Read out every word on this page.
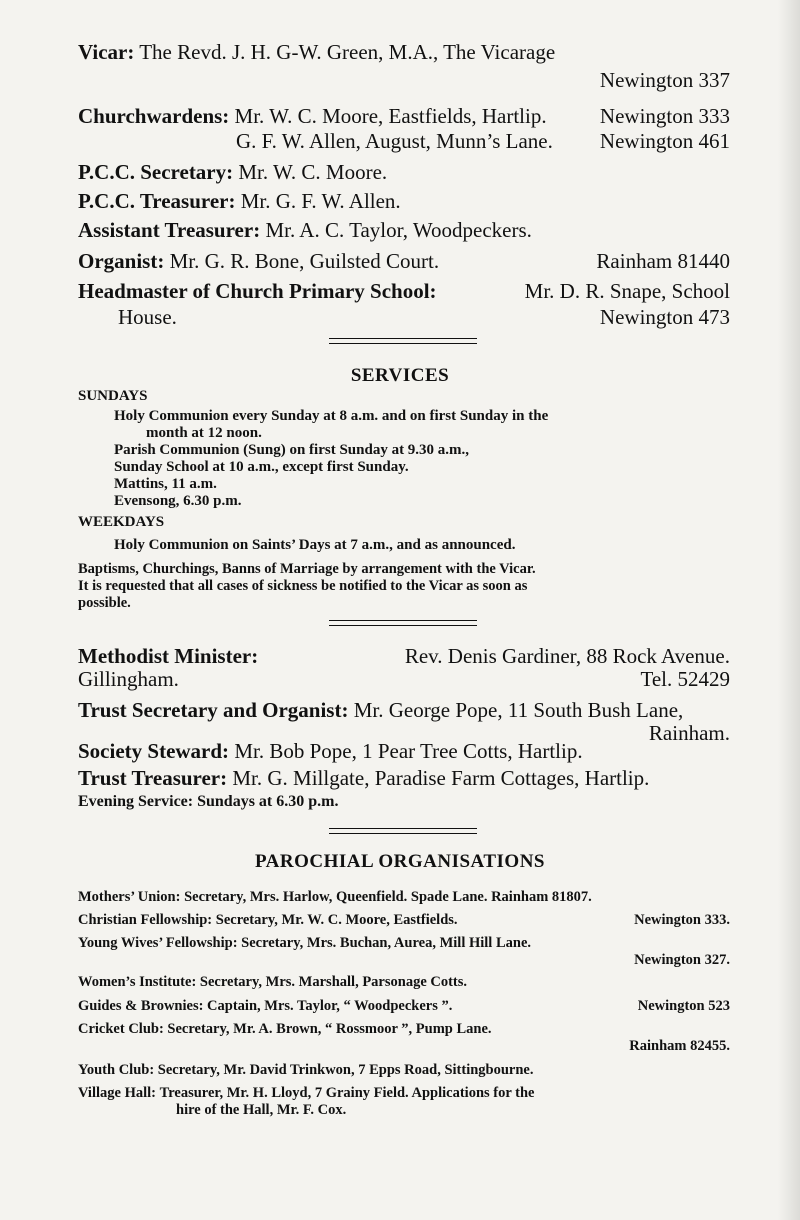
Vicar: The Revd. J. H. G-W. Green, M.A., The Vicarage
Newington 337
Churchwardens: Mr. W. C. Moore, Eastfields, Hartlip.	Newington 333
G. F. W. Allen, August, Munn’s Lane. Newington 461
P.C.C. Secretary: Mr. W. C. Moore.
P.C.C. Treasurer: Mr. G. F. W. Allen.
Assistant Treasurer: Mr. A. C. Taylor, Woodpeckers.
Organist: Mr. G. R. Bone, Guilsted Court.	Rainham 81440
Headmaster of Church Primary School:	Mr. D. R. Snape, School
House.	Newington 473
SERVICES
SUNDAYS
Holy Communion every Sunday at 8 a.m. and on first Sunday in the
month at 12 noon.
Parish Communion (Sung) on first Sunday at 9.30 a.m.,
Sunday School at 10 a.m., except first Sunday.
Mattins, 11 a.m.
Evensong, 6.30 p.m.
WEEKDAYS
Holy Communion on Saints’ Days at 7 a.m., and as announced.
Baptisms, Churchings, Banns of Marriage by arrangement with the Vicar.
It is requested that all cases of sickness be notified to the Vicar as soon as
possible.
Methodist Minister:	Rev. Denis Gardiner, 88 Rock Avenue.
Gillingham.	Tel. 52429
Trust Secretary and Organist: Mr. George Pope, 11 South Bush Lane,
Rainham.
Society Steward: Mr. Bob Pope, 1 Pear Tree Cotts, Hartlip.
Trust Treasurer: Mr. G. Millgate, Paradise Farm Cottages, Hartlip.
Evening Service: Sundays at 6.30 p.m.
PAROCHIAL ORGANISATIONS
Mothers’ Union: Secretary, Mrs. Harlow, Queenfield. Spade Lane. Rainham 81807.
Christian Fellowship: Secretary, Mr. W. C. Moore, Eastfields.	Newington 333.
Young Wives’ Fellowship: Secretary, Mrs. Buchan, Aurea, Mill Hill Lane.
Newington 327.
Women’s Institute: Secretary, Mrs. Marshall, Parsonage Cotts.
Guides & Brownies: Captain, Mrs. Taylor, “ Woodpeckers ”.	Newington 523
Cricket Club: Secretary, Mr. A. Brown, “ Rossmoor ”, Pump Lane.
Rainham 82455.
Youth Club: Secretary, Mr. David Trinkwon, 7 Epps Road, Sittingbourne.
Village Hall: Treasurer, Mr. H. Lloyd, 7 Grainy Field. Applications for the
hire of the Hall, Mr. F. Cox.
